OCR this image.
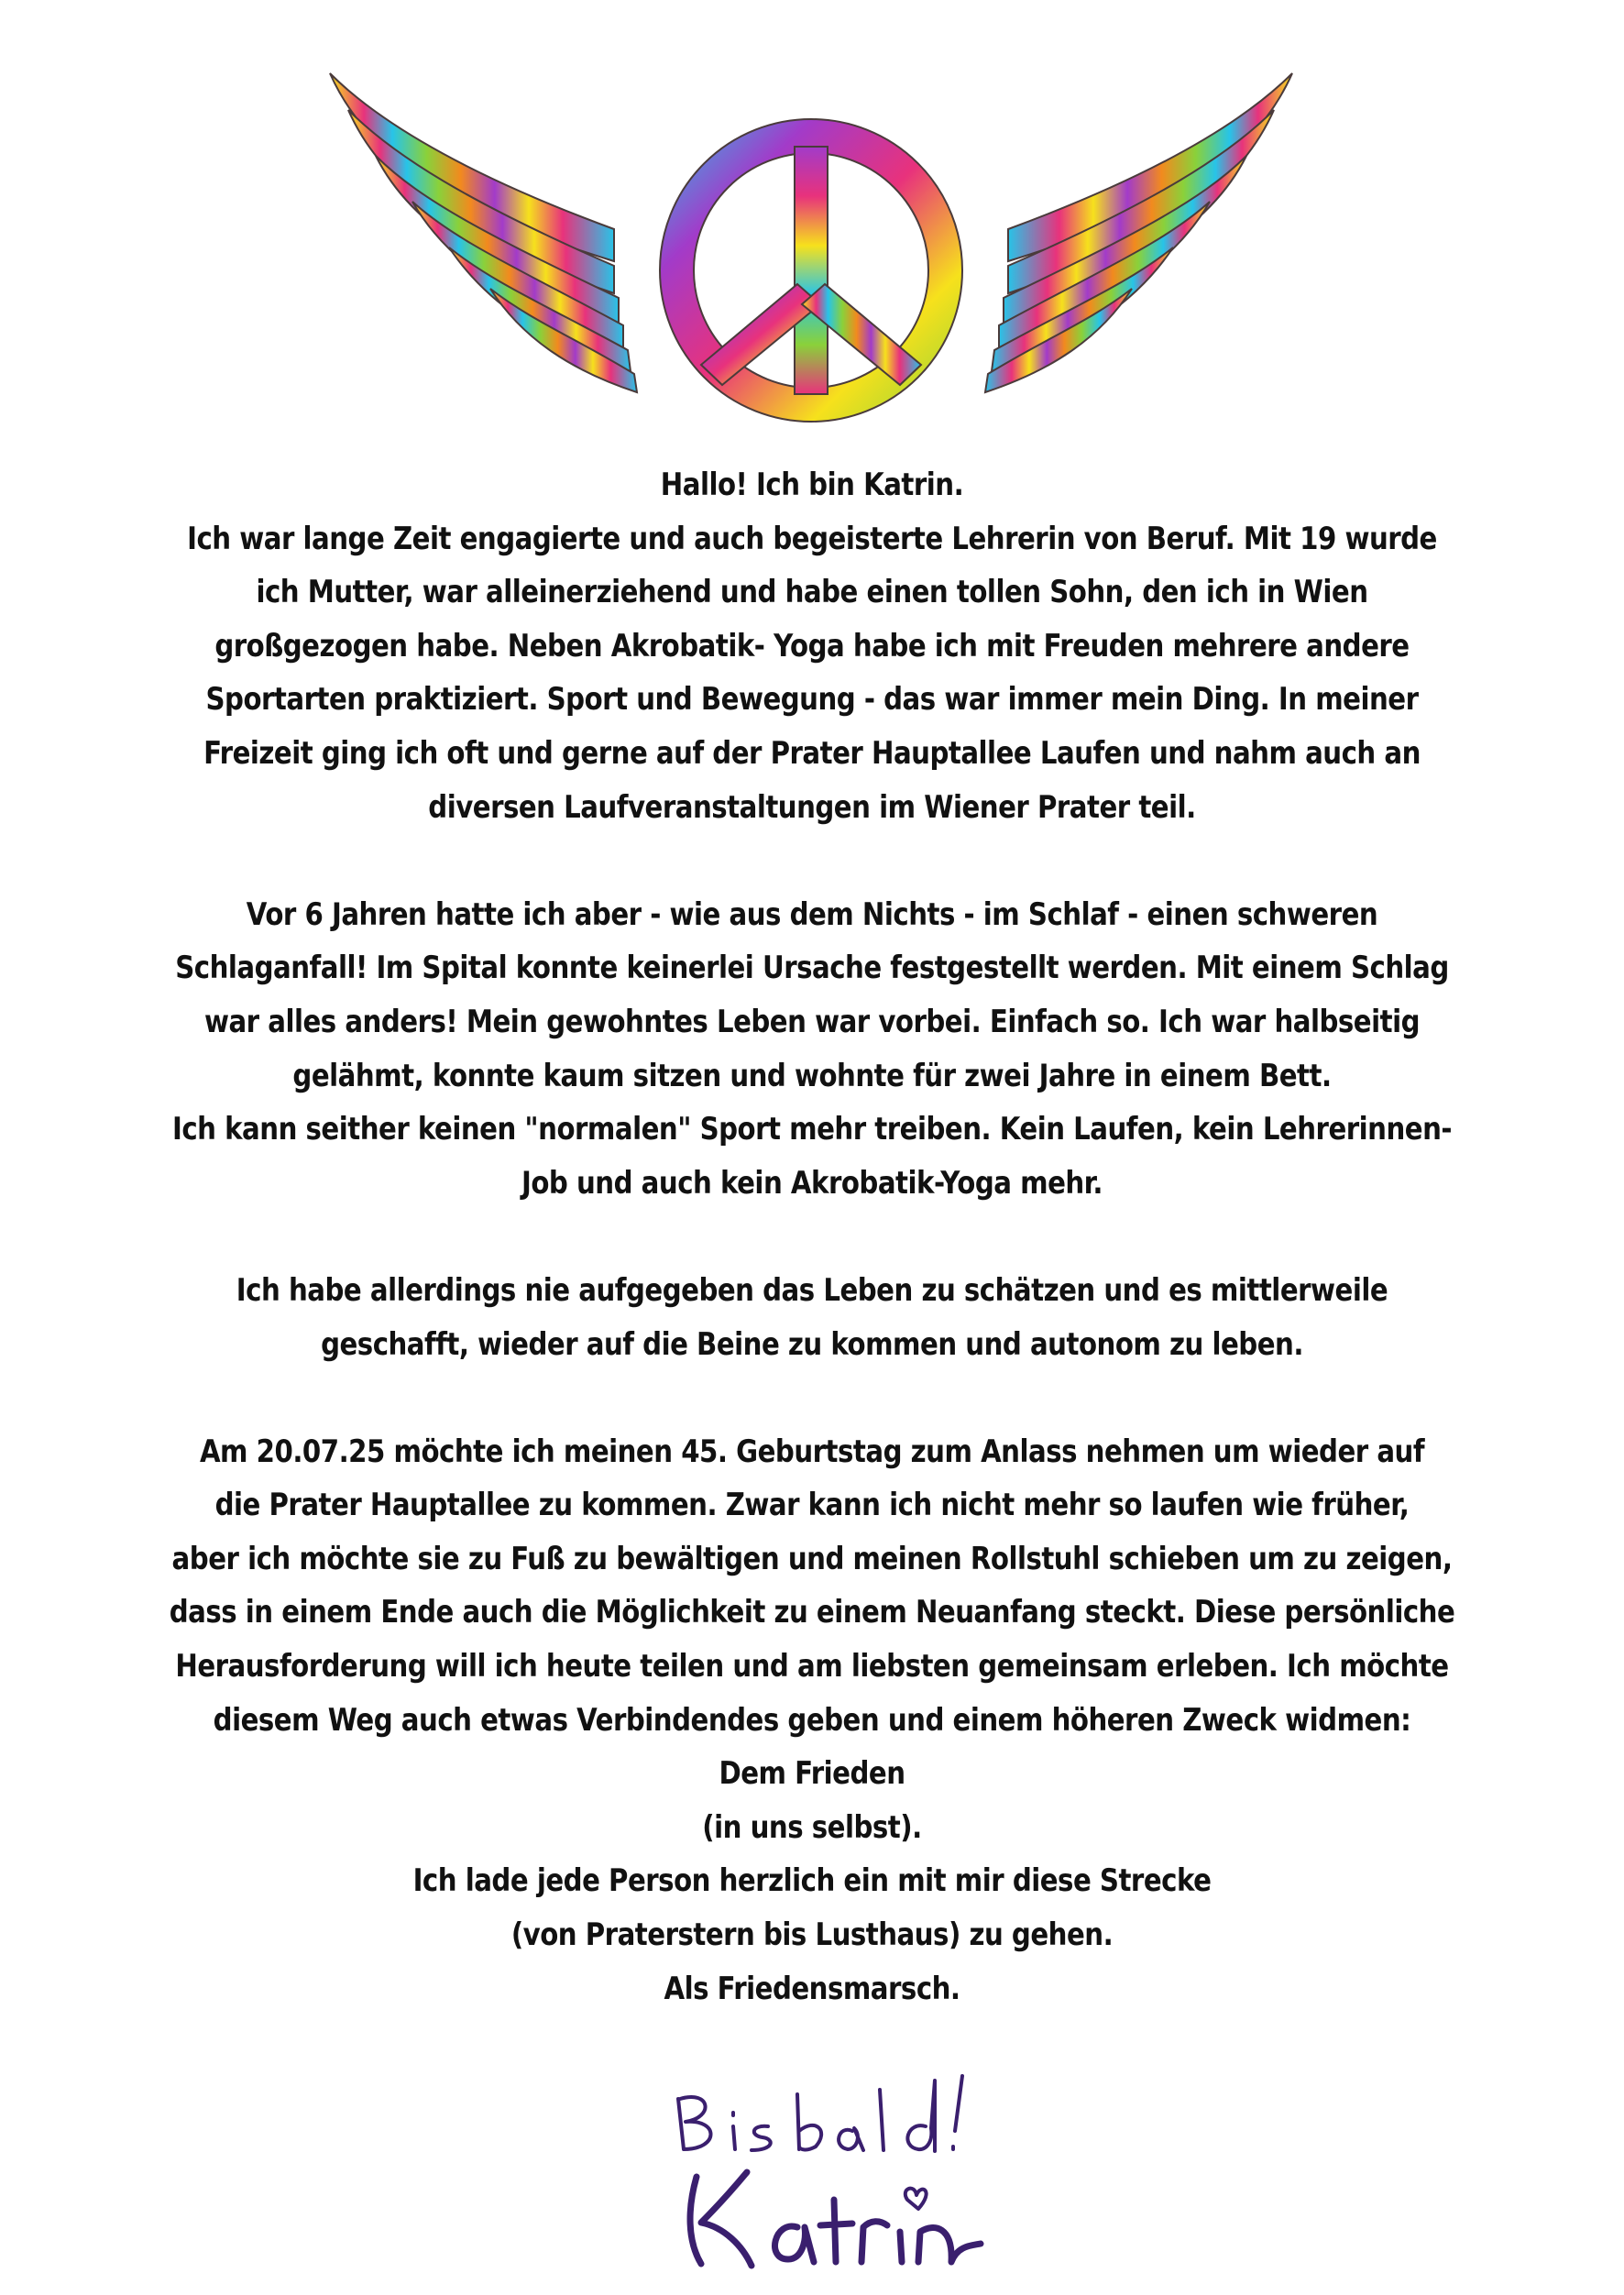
Hallo! Ich bin Katrin.
Ich war lange Zeit engagierte und auch begeisterte Lehrerin von Beruf. Mit 19 wurde
ich Mutter, war alleinerziehend und habe einen tollen Sohn, den ich in Wien
großgezogen habe. Neben Akrobatik- Yoga habe ich mit Freuden mehrere andere
Sportarten praktiziert. Sport und Bewegung - das war immer mein Ding. In meiner
Freizeit ging ich oft und gerne auf der Prater Hauptallee Laufen und nahm auch an
diversen Laufveranstaltungen im Wiener Prater teil.
Vor 6 Jahren hatte ich aber - wie aus dem Nichts - im Schlaf - einen schweren
Schlaganfall! Im Spital konnte keinerlei Ursache festgestellt werden. Mit einem Schlag
war alles anders! Mein gewohntes Leben war vorbei. Einfach so. Ich war halbseitig
gelähmt, konnte kaum sitzen und wohnte für zwei Jahre in einem Bett.
Ich kann seither keinen "normalen" Sport mehr treiben. Kein Laufen, kein Lehrerinnen-
Job und auch kein Akrobatik-Yoga mehr.
Ich habe allerdings nie aufgegeben das Leben zu schätzen und es mittlerweile
geschafft, wieder auf die Beine zu kommen und autonom zu leben.
Am 20.07.25 möchte ich meinen 45. Geburtstag zum Anlass nehmen um wieder auf
die Prater Hauptallee zu kommen. Zwar kann ich nicht mehr so laufen wie früher,
aber ich möchte sie zu Fuß zu bewältigen und meinen Rollstuhl schieben um zu zeigen,
dass in einem Ende auch die Möglichkeit zu einem Neuanfang steckt. Diese persönliche
Herausforderung will ich heute teilen und am liebsten gemeinsam erleben. Ich möchte
diesem Weg auch etwas Verbindendes geben und einem höheren Zweck widmen:
Dem Frieden
(in uns selbst).
Ich lade jede Person herzlich ein mit mir diese Strecke
(von Praterstern bis Lusthaus) zu gehen.
Als Friedensmarsch.
